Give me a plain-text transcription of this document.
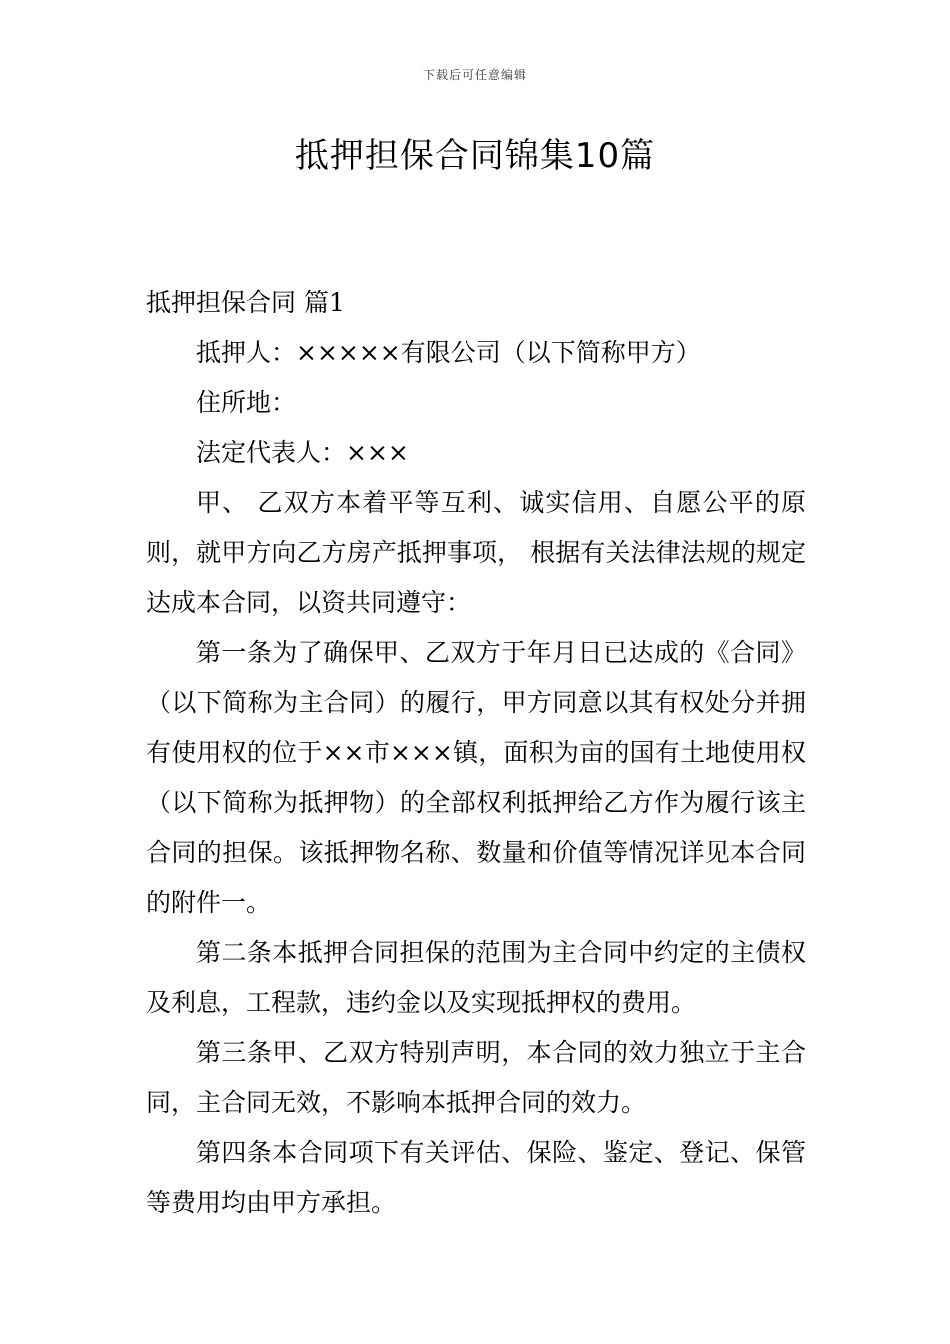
下载后可任意编辑
抵押担保合同锦集10篇

抵押担保合同 篇1

抵押人：×××××有限公司（以下简称甲方）

住所地：

法定代表人：×××

甲、 乙双方本着平等互利、诚实信用、自愿公平的原则，就甲方向乙方房产抵押事项， 根据有关法律法规的规定达成本合同，以资共同遵守：

第一条为了确保甲、乙双方于年月日已达成的《合同》（以下简称为主合同）的履行，甲方同意以其有权处分并拥有使用权的位于××市×××镇，面积为亩的国有土地使用权（以下简称为抵押物）的全部权利抵押给乙方作为履行该主合同的担保。该抵押物名称、数量和价值等情况详见本合同的附件一。

第二条本抵押合同担保的范围为主合同中约定的主债权及利息，工程款，违约金以及实现抵押权的费用。

第三条甲、乙双方特别声明，本合同的效力独立于主合同，主合同无效，不影响本抵押合同的效力。

第四条本合同项下有关评估、保险、鉴定、登记、保管等费用均由甲方承担。
